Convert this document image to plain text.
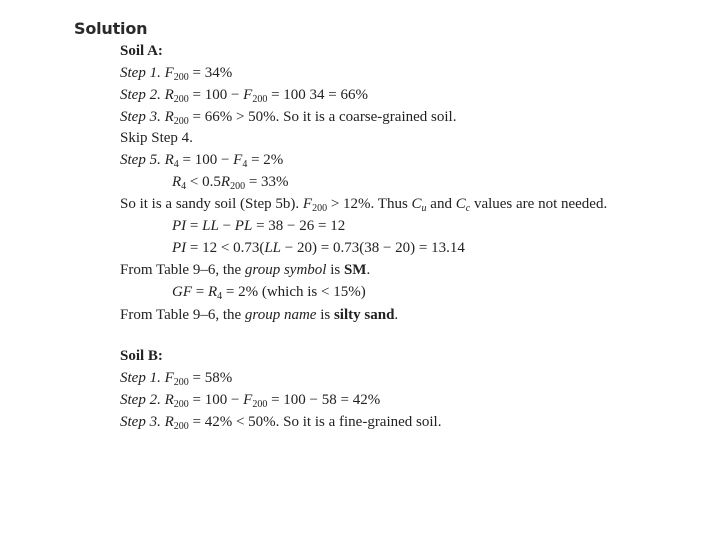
Solution
Soil A:
Step 1. $F_{200} = 34\%$
Step 2. $R_{200} = 100 - F_{200} = 100$ 34 = 66%
Step 3. $R_{200} = 66\% > 50\%$. So it is a coarse-grained soil.
Skip Step 4.
Step 5. $R_4 = 100 - F_4 = 2\%$
$R_4 < 0.5R_{200} = 33\%$
So it is a sandy soil (Step 5b). $F_{200} > 12\%$. Thus $C_u$ and $C_c$ values are not needed.
PI = LL − PL = 38 − 26 = 12
PI = 12 < 0.73(LL − 20) = 0.73(38 − 20) = 13.14
From Table 9–6, the group symbol is SM.
GF = $R_4 = 2\%$ (which is < 15%)
From Table 9–6, the group name is silty sand.
Soil B:
Step 1. $F_{200} = 58\%$
Step 2. $R_{200} = 100 - F_{200} = 100 - 58 = 42\%$
Step 3. $R_{200} = 42\% < 50\%$. So it is a fine-grained soil.
